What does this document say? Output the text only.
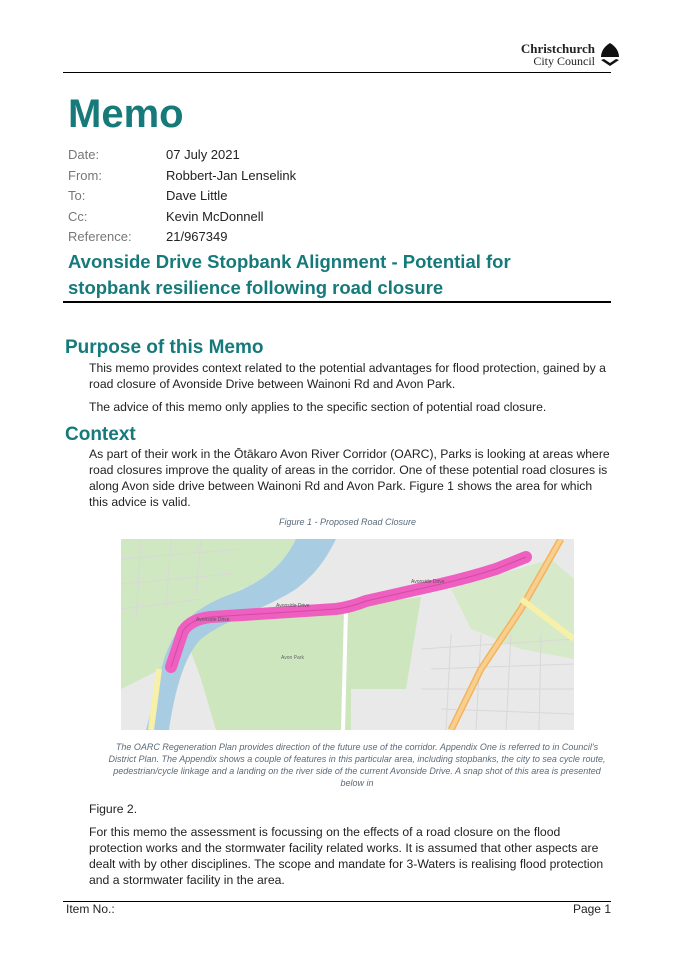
Christchurch
City Council
Memo
Date:	07 July 2021
From:	Robbert-Jan Lenselink
To:	Dave Little
Cc:	Kevin McDonnell
Reference:	21/967349
Avonside Drive Stopbank Alignment - Potential for stopbank resilience following road closure
Purpose of this Memo

This memo provides context related to the potential advantages for flood protection, gained by a road closure of Avonside Drive between Wainoni Rd and Avon Park.

The advice of this memo only applies to the specific section of potential road closure.

Context

As part of their work in the Ōtākaro Avon River Corridor (OARC), Parks is looking at areas where road closures improve the quality of areas in the corridor. One of these potential road closures is along Avon side drive between Wainoni Rd and Avon Park. Figure 1 shows the area for which this advice is valid.

Figure 1 - Proposed Road Closure
Avonside Drive
Avonside Drive
Avonside Drive
Avon Park

The OARC Regeneration Plan provides direction of the future use of the corridor. Appendix One is referred to in Council's District Plan. The Appendix shows a couple of features in this particular area, including stopbanks, the city to sea cycle route, pedestrian/cycle linkage and a landing on the river side of the current Avonside Drive. A snap shot of this area is presented below in

Figure 2.

For this memo the assessment is focussing on the effects of a road closure on the flood protection works and the stormwater facility related works. It is assumed that other aspects are dealt with by other disciplines. The scope and mandate for 3-Waters is realising flood protection and a stormwater facility in the area.

Item No.:	Page 1
